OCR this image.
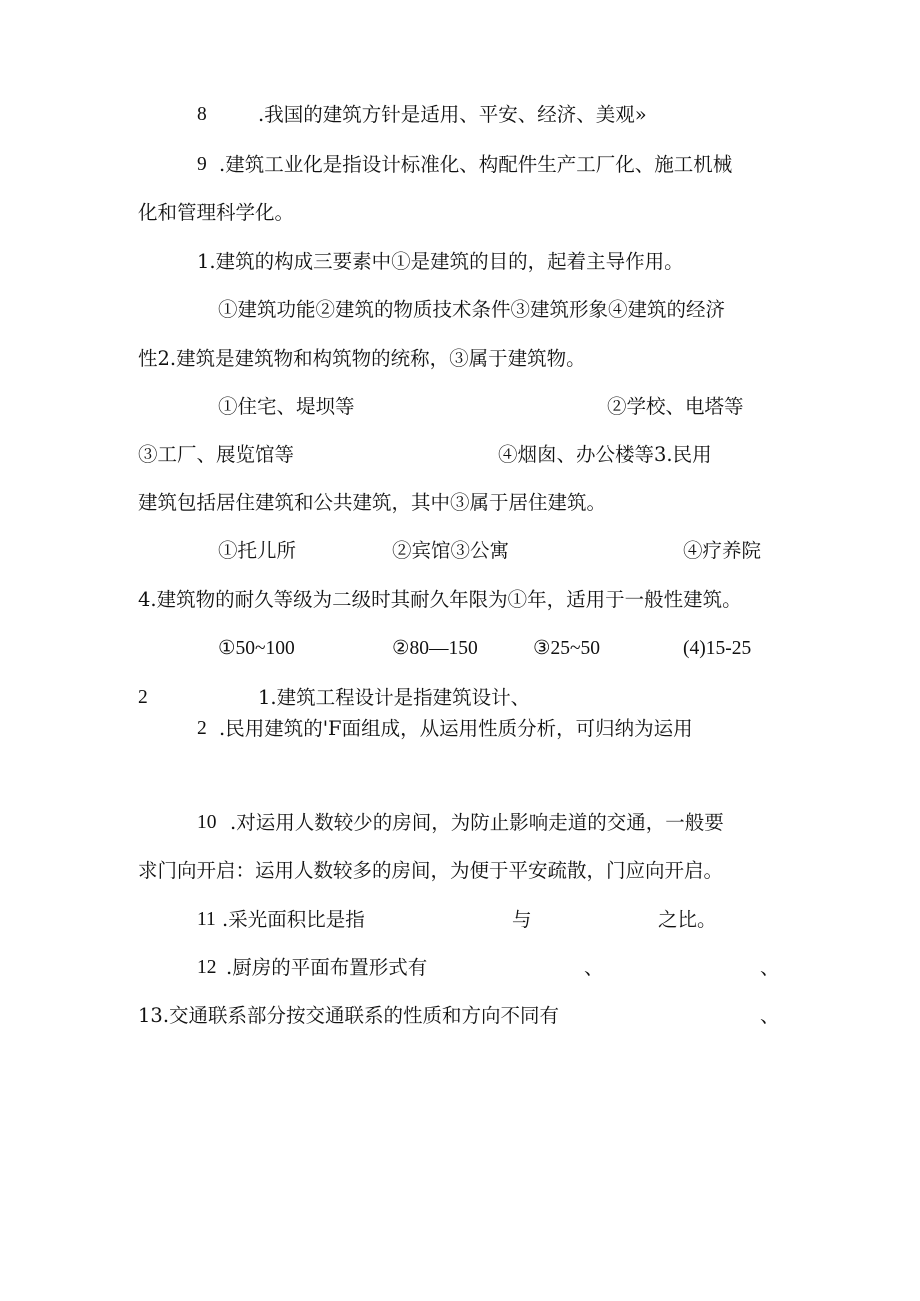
8	.我国的建筑方针是适用、平安、经济、美观»
9 .建筑工业化是指设计标准化、构配件生产工厂化、施工机械
化和管理科学化。
1.建筑的构成三要素中①是建筑的目的，起着主导作用。
①建筑功能②建筑的物质技术条件③建筑形象④建筑的经济
性2.建筑是建筑物和构筑物的统称，③属于建筑物。
①住宅、堤坝等	②学校、电塔等
③工厂、展览馆等	④烟囱、办公楼等3.民用
建筑包括居住建筑和公共建筑，其中③属于居住建筑。
①托儿所	②宾馆③公寓	④疗养院
4.建筑物的耐久等级为二级时其耐久年限为①年，适用于一般性建筑。
①50~100	②80—150	③25~50	(4)15-25
2	1.建筑工程设计是指建筑设计、
2 .民用建筑的'F面组成，从运用性质分析，可归纳为运用
10 .对运用人数较少的房间，为防止影响走道的交通，一般要
求门向开启：运用人数较多的房间，为便于平安疏散，门应向开启。
11 .采光面积比是指	与	之比。
12 .厨房的平面布置形式有	、	、
13.交通联系部分按交通联系的性质和方向不同有	、
